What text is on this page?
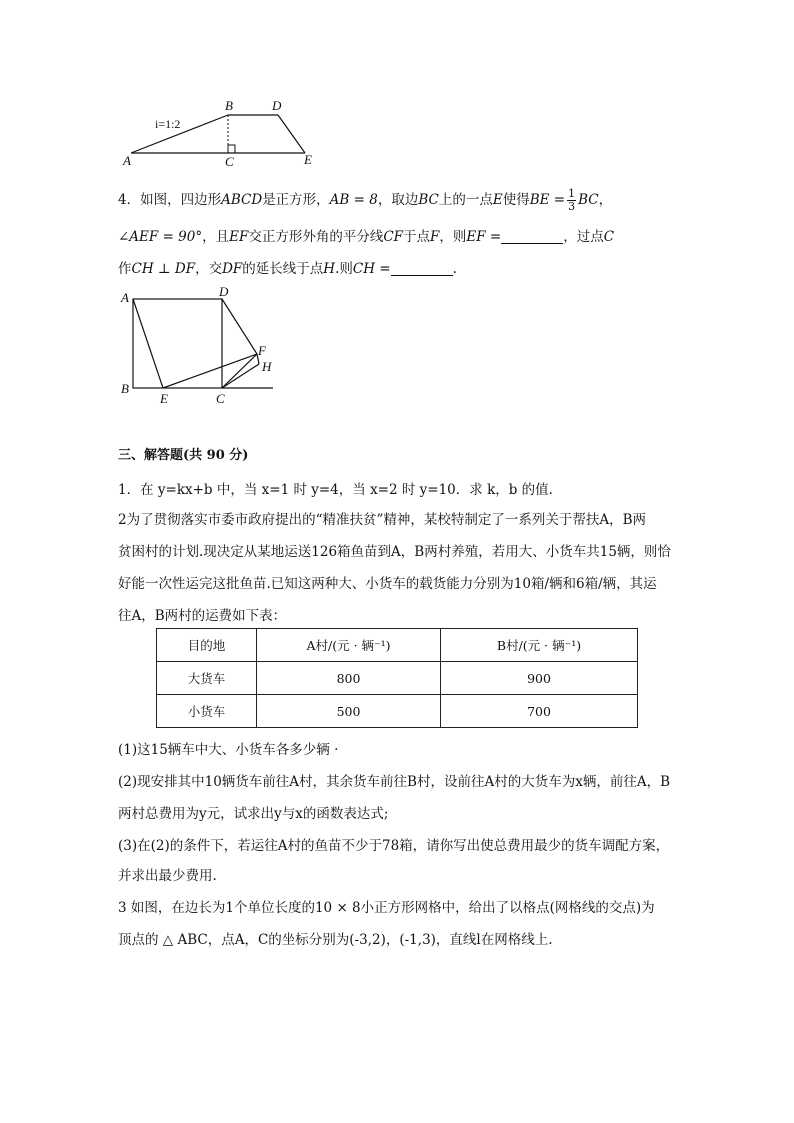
i=1:2
A
B
C
D
E
4．如图，四边形ABCD是正方形，AB = 8，取边BC上的一点E使得BE = $\frac{1}{3}$ BC，
∠AEF = 90°，且EF交正方形外角的平分线CF于点F，则EF =	，过点C
作CH ⊥ DF，交DF的延长线于点H.则CH =	.
A
B
C
D
E
F
H
三、解答题(共 90 分)
1．在 y=kx+b 中，当 x=1 时 y=4，当 x=2 时 y=10．求 k，b 的值．
2为了贯彻落实市委市政府提出的“精准扶贫”精神，某校特制定了一系列关于帮扶A，B两
贫困村的计划.现决定从某地运送126箱鱼苗到A，B两村养殖，若用大、小货车共15辆，则恰
好能一次性运完这批鱼苗.已知这两种大、小货车的载货能力分别为10箱/辆和6箱/辆，其运
往A，B两村的运费如下表：
目的地	A村/(元 · 辆⁻¹)	B村/(元 · 辆⁻¹)
大货车	800	900
小货车	500	700
(1)这15辆车中大、小货车各多少辆 ·
(2)现安排其中10辆货车前往A村，其余货车前往B村，设前往A村的大货车为x辆，前往A，B
两村总费用为y元，试求出y与x的函数表达式;
(3)在(2)的条件下，若运往A村的鱼苗不少于78箱，请你写出使总费用最少的货车调配方案，
并求出最少费用.
3 如图，在边长为1个单位长度的10 × 8小正方形网格中，给出了以格点(网格线的交点)为
顶点的 △ ABC，点A，C的坐标分别为(-3,2)，(-1,3)，直线l在网格线上.
